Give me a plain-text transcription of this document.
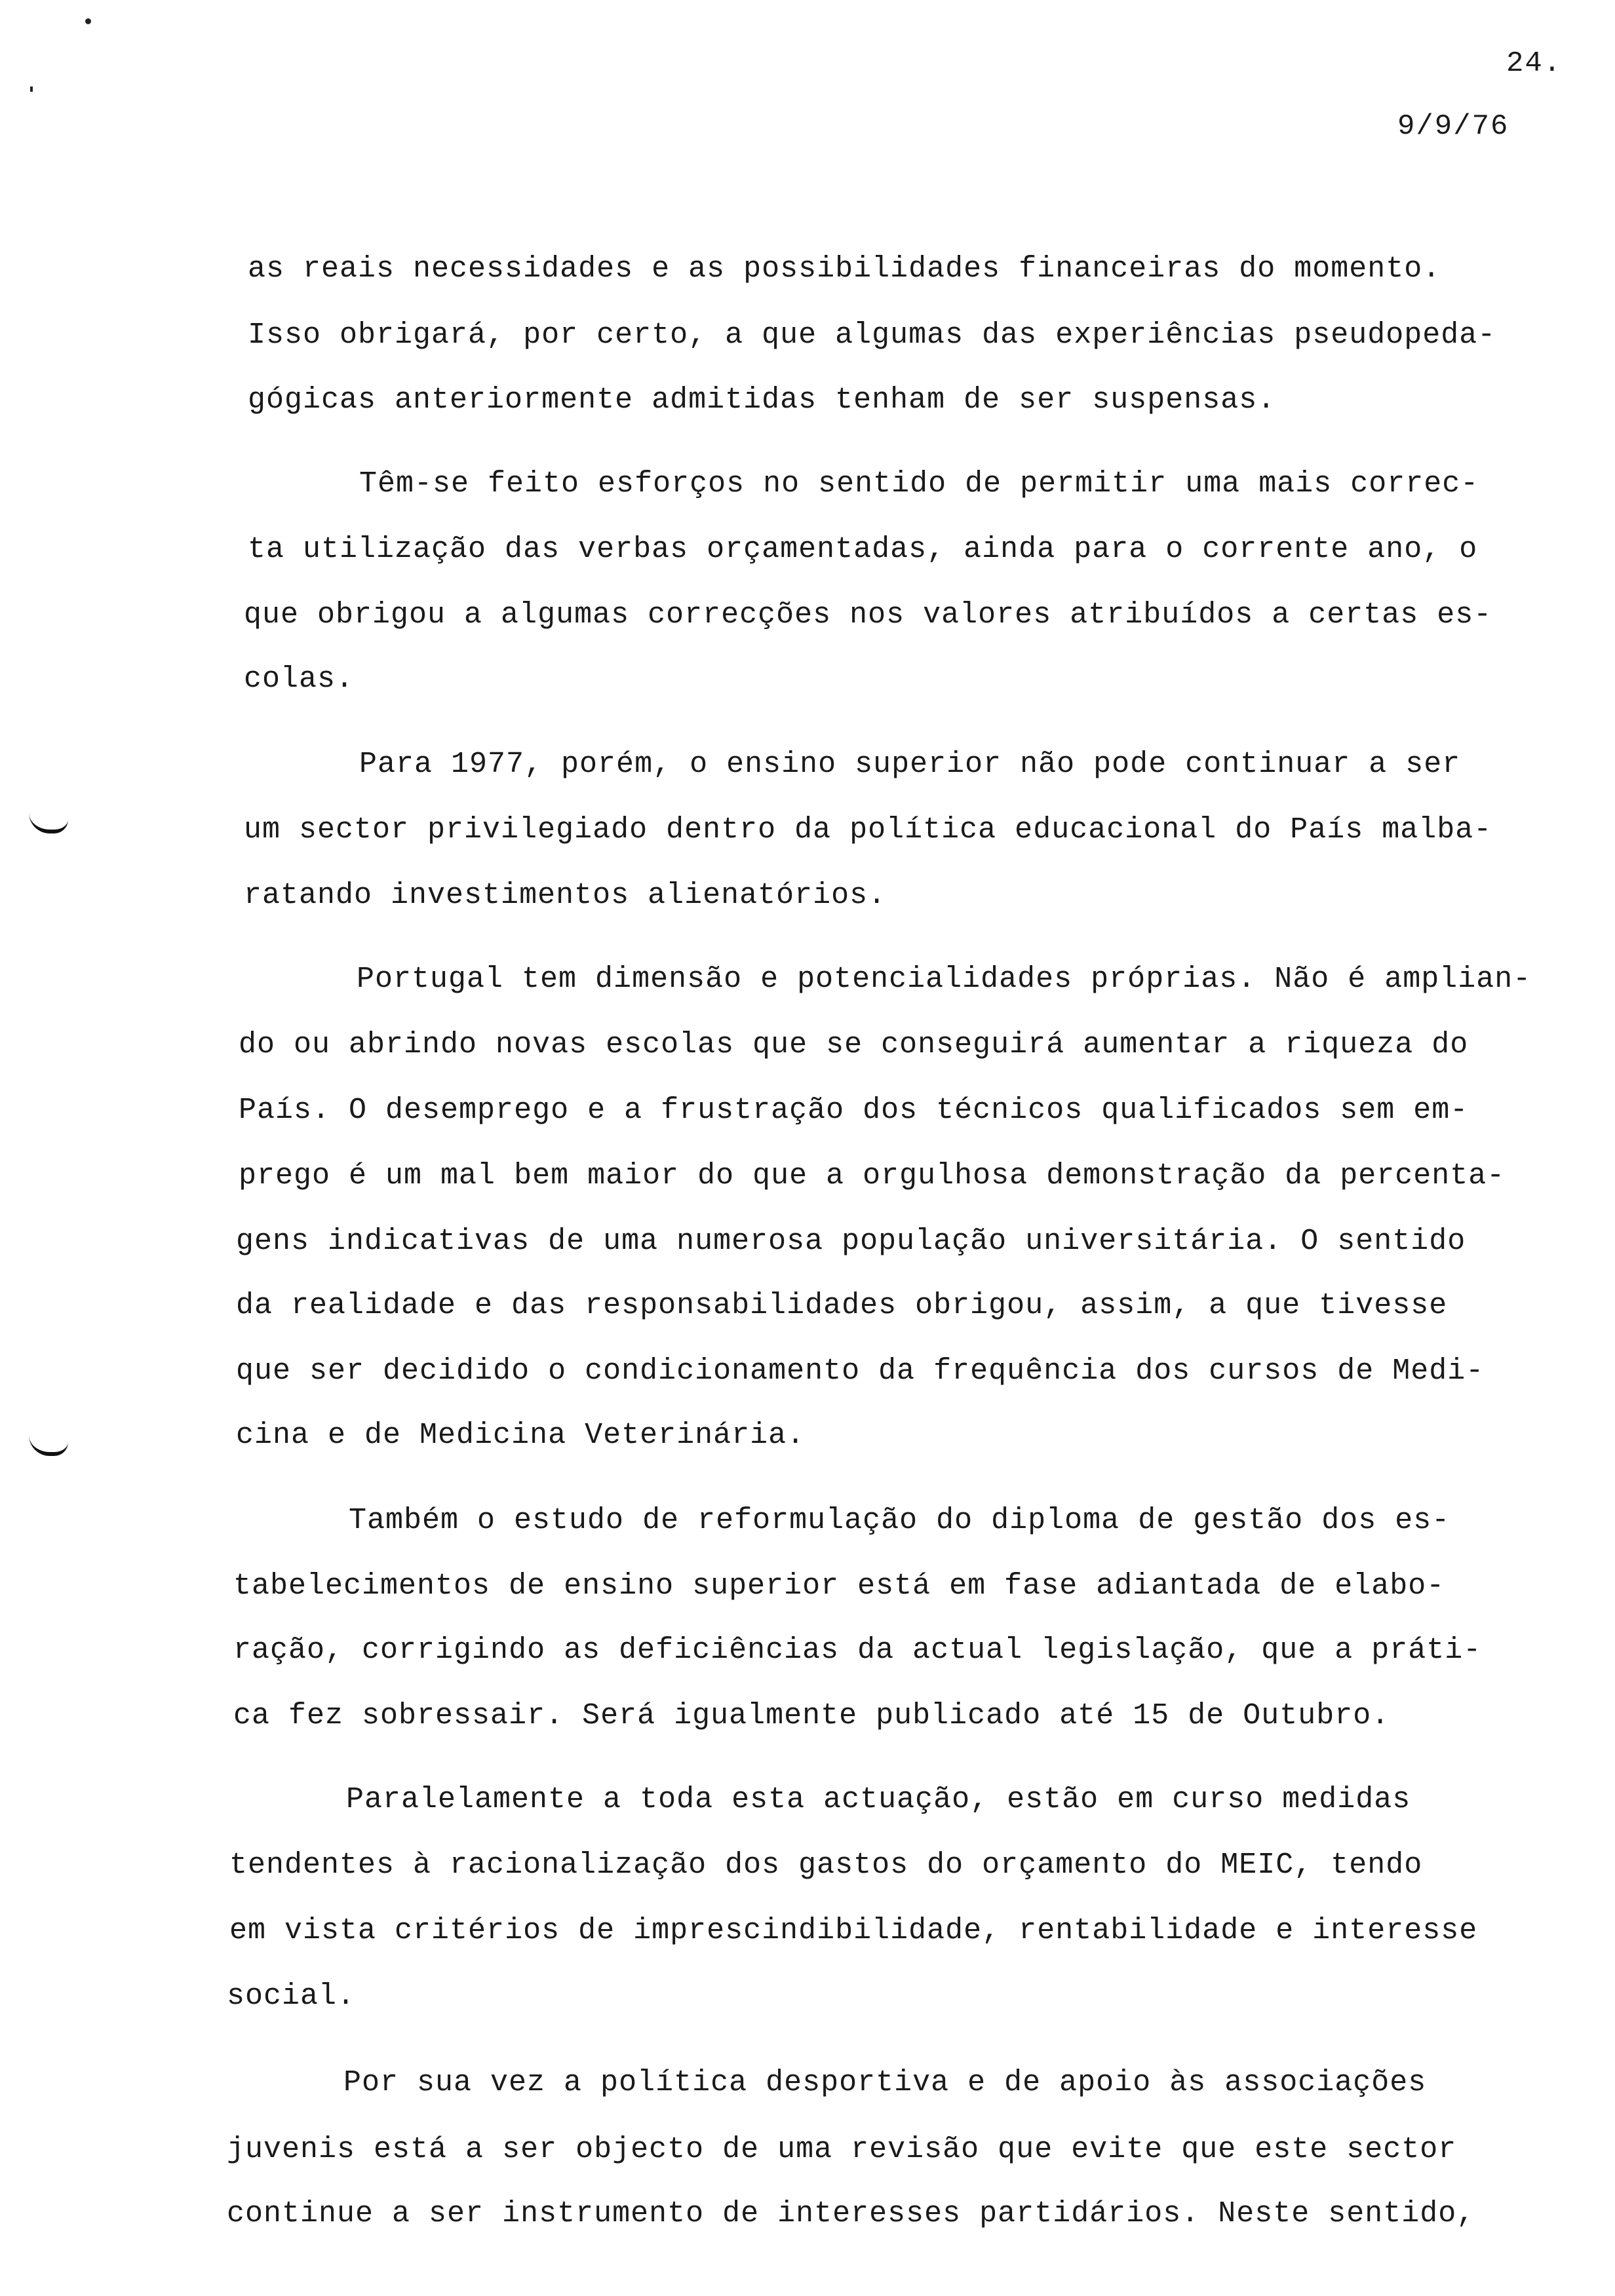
24.
9/9/76
as reais necessidades e as possibilidades financeiras do momento.
Isso obrigará, por certo, a que algumas das experiências pseudopeda-
gógicas anteriormente admitidas tenham de ser suspensas.
Têm-se feito esforços no sentido de permitir uma mais correc-
ta utilização das verbas orçamentadas, ainda para o corrente ano, o
que obrigou a algumas correcções nos valores atribuídos a certas es-
colas.
Para 1977, porém, o ensino superior não pode continuar a ser
um sector privilegiado dentro da política educacional do País malba-
ratando investimentos alienatórios.
Portugal tem dimensão e potencialidades próprias. Não é amplian-
do ou abrindo novas escolas que se conseguirá aumentar a riqueza do
País. O desemprego e a frustração dos técnicos qualificados sem em-
prego é um mal bem maior do que a orgulhosa demonstração da percenta-
gens indicativas de uma numerosa população universitária. O sentido
da realidade e das responsabilidades obrigou, assim, a que tivesse
que ser decidido o condicionamento da frequência dos cursos de Medi-
cina e de Medicina Veterinária.
Também o estudo de reformulação do diploma de gestão dos es-
tabelecimentos de ensino superior está em fase adiantada de elabo-
ração, corrigindo as deficiências da actual legislação, que a práti-
ca fez sobressair. Será igualmente publicado até 15 de Outubro.
Paralelamente a toda esta actuação, estão em curso medidas
tendentes à racionalização dos gastos do orçamento do MEIC, tendo
em vista critérios de imprescindibilidade, rentabilidade e interesse
social.
Por sua vez a política desportiva e de apoio às associações
juvenis está a ser objecto de uma revisão que evite que este sector
continue a ser instrumento de interesses partidários. Neste sentido,
